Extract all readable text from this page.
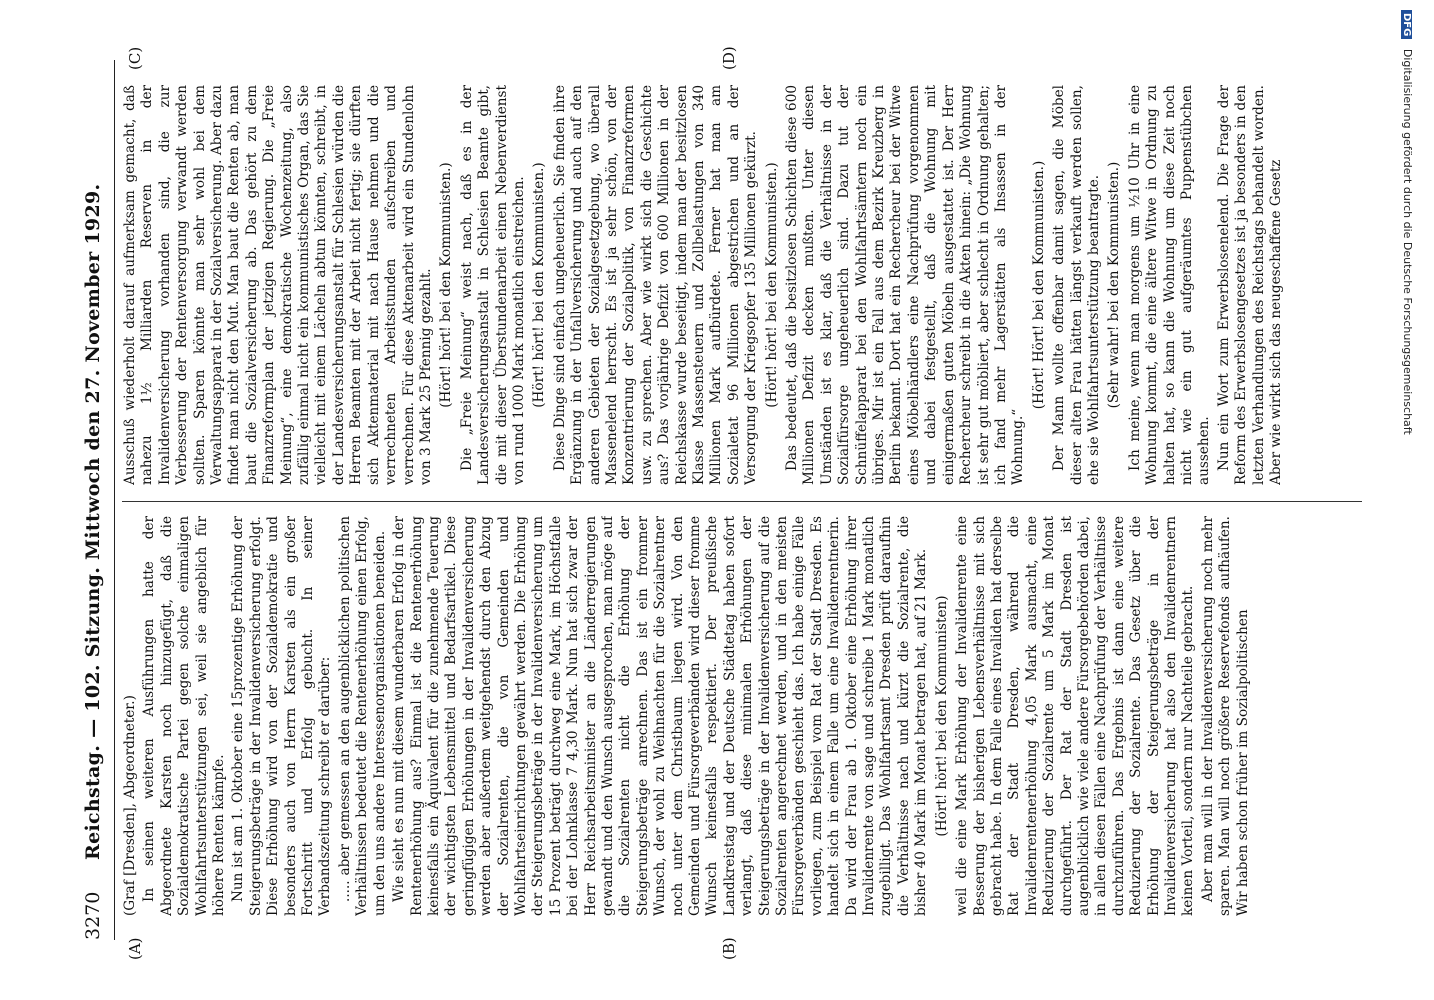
3270
Reichstag. — 102. Sitzung. Mittwoch den 27. November 1929.
(A)	(B)
(C)	(D)

(Graf [Dresden], Abgeordneter.) In seinen weiteren Ausführungen hatte der Abgeordnete Karsten noch hinzugefügt, daß die Sozialdemokratische Partei gegen solche einmaligen Wohlfahrtsunterstützungen sei, weil sie angeblich für höhere Renten kämpfe. Nun ist am 1. Oktober eine 15prozentige Erhöhung der Steigerungsbeträge in der Invalidenversicherung erfolgt. Diese Erhöhung wird von der Sozialdemokratie und besonders auch von Herrn Karsten als ein großer Fortschritt und Erfolg gebucht. In seiner Verbandszeitung schreibt er darüber: ..... aber gemessen an den augenblicklichen politischen Verhältnissen bedeutet die Rentenerhöhung einen Erfolg, um den uns andere Interessenorganisationen beneiden. Wie sieht es nun mit diesem wunderbaren Erfolg in der Rentenerhöhung aus? Einmal ist die Rentenerhöhung keinesfalls ein Äquivalent für die zunehmende Teuerung der wichtigsten Lebensmittel und Bedarfsartikel. Diese geringfügigen Erhöhungen in der Invalidenversicherung werden aber außerdem weitgehendst durch den Abzug der Sozialrenten, die von Gemeinden und Wohlfahrtseinrichtungen gewährt werden. Die Erhöhung der Steigerungsbeträge in der Invalidenversicherung um 15 Prozent beträgt durchweg eine Mark, im Höchstfalle bei der Lohnklasse 7 4,30 Mark. Nun hat sich zwar der Herr Reichsarbeitsminister an die Länderregierungen gewandt und den Wunsch ausgesprochen, man möge auf die Sozialrenten nicht die Erhöhung der Steigerungsbeträge anrechnen. Das ist ein frommer Wunsch, der wohl zu Weihnachten für die Sozialrentner noch unter dem Christbaum liegen wird. Von den Gemeinden und Fürsorgeverbänden wird dieser fromme Wunsch keinesfalls respektiert. Der preußische Landkreistag und der Deutsche Städtetag haben sofort verlangt, daß diese minimalen Erhöhungen der Steigerungsbeträge in der Invalidenversicherung auf die Sozialrenten angerechnet werden, und in den meisten Fürsorgeverbänden geschieht das. Ich habe einige Fälle vorliegen, zum Beispiel vom Rat der Stadt Dresden. Es handelt sich in einem Falle um eine Invalidenrentnerin. Da wird der Frau ab 1. Oktober eine Erhöhung ihrer Invalidenrente von sage und schreibe 1 Mark monatlich zugebilligt. Das Wohlfahrtsamt Dresden prüft daraufhin die Verhältnisse nach und kürzt die Sozialrente, die bisher 40 Mark im Monat betragen hat, auf 21 Mark. (Hört! hört! bei den Kommunisten) weil die eine Mark Erhöhung der Invalidenrente eine Besserung der bisherigen Lebensverhältnisse mit sich gebracht habe. In dem Falle eines Invaliden hat derselbe Rat der Stadt Dresden, während die Invalidenrentenerhöhung 4,05 Mark ausmacht, eine Reduzierung der Sozialrente um 5 Mark im Monat durchgeführt. Der Rat der Stadt Dresden ist augenblicklich wie viele andere Fürsorgebehörden dabei, in allen diesen Fällen eine Nachprüfung der Verhältnisse durchzuführen. Das Ergebnis ist dann eine weitere Reduzierung der Sozialrente. Das Gesetz über die Erhöhung der Steigerungsbeträge in der Invalidenversicherung hat also den Invalidenrentnern keinen Vorteil, sondern nur Nachteile gebracht. Aber man will in der Invalidenversicherung noch mehr sparen. Man will noch größere Reservefonds aufhäufen. Wir haben schon früher im Sozialpolitischen

Ausschuß wiederholt darauf aufmerksam gemacht, daß nahezu 1½ Milliarden Reserven in der Invalidenversicherung vorhanden sind, die zur Verbesserung der Rentenversorgung verwandt werden sollten. Sparen könnte man sehr wohl bei dem Verwaltungsapparat in der Sozialversicherung. Aber dazu findet man nicht den Mut. Man baut die Renten ab, man baut die Sozialversicherung ab. Das gehört zu dem Finanzreformplan der jetzigen Regierung. Die „Freie Meinung“, eine demokratische Wochenzeitung, also zufällig einmal nicht ein kommunistisches Organ, das Sie vielleicht mit einem Lächeln abtun könnten, schreibt, in der Landesversicherungsanstalt für Schlesien würden die Herren Beamten mit der Arbeit nicht fertig; sie dürften sich Aktenmaterial mit nach Hause nehmen und die verrechneten Arbeitsstunden aufschreiben und verrechnen. Für diese Aktenarbeit wird ein Stundenlohn von 3 Mark 25 Pfennig gezahlt. (Hört! hört! bei den Kommunisten.) Die „Freie Meinung“ weist nach, daß es in der Landesversicherungsanstalt in Schlesien Beamte gibt, die mit dieser Überstundenarbeit einen Nebenverdienst von rund 1000 Mark monatlich einstreichen. (Hört! hört! bei den Kommunisten.) Diese Dinge sind einfach ungeheuerlich. Sie finden ihre Ergänzung in der Unfallversicherung und auch auf den anderen Gebieten der Sozialgesetzgebung, wo überall Massenelend herrscht. Es ist ja sehr schön, von der Konzentrierung der Sozialpolitik, von Finanzreformen usw. zu sprechen. Aber wie wirkt sich die Geschichte aus? Das vorjährige Defizit von 600 Millionen in der Reichskasse wurde beseitigt, indem man der besitzlosen Klasse Massensteuern und Zollbelastungen von 340 Millionen Mark aufbürdete. Ferner hat man am Sozialetat 96 Millionen abgestrichen und an der Versorgung der Kriegsopfer 135 Millionen gekürzt. (Hört! hört! bei den Kommunisten.) Das bedeutet, daß die besitzlosen Schichten diese 600 Millionen Defizit decken mußten. Unter diesen Umständen ist es klar, daß die Verhältnisse in der Sozialfürsorge ungeheuerlich sind. Dazu tut der Schnüffelapparat bei den Wohlfahrtsämtern noch ein übriges. Mir ist ein Fall aus dem Bezirk Kreuzberg in Berlin bekannt. Dort hat ein Rechercheur bei der Witwe eines Möbelhändlers eine Nachprüfung vorgenommen und dabei festgestellt, daß die Wohnung mit einigermaßen guten Möbeln ausgestattet ist. Der Herr Rechercheur schreibt in die Akten hinein: „Die Wohnung ist sehr gut möbliert, aber schlecht in Ordnung gehalten; ich fand mehr Lagerstätten als Insassen in der Wohnung.“

(Hört! Hört! bei den Kommunisten.) Der Mann wollte offenbar damit sagen, die Möbel dieser alten Frau hätten längst verkauft werden sollen, ehe sie Wohlfahrtsunterstützung beantragte. (Sehr wahr! bei den Kommunisten.) Ich meine, wenn man morgens um ½10 Uhr in eine Wohnung kommt, die eine ältere Witwe in Ordnung zu halten hat, so kann die Wohnung um diese Zeit noch nicht wie ein gut aufgeräumtes Puppenstübchen aussehen. Nun ein Wort zum Erwerbslosenelend. Die Frage der Reform des Erwerbslosengesetzes ist ja besonders in den letzten Verhandlungen des Reichstags behandelt worden. Aber wie wirkt sich das neugeschaffene Gesetz

DFG Digitalisierung gefördert durch die Deutsche Forschungsgemeinschaft
